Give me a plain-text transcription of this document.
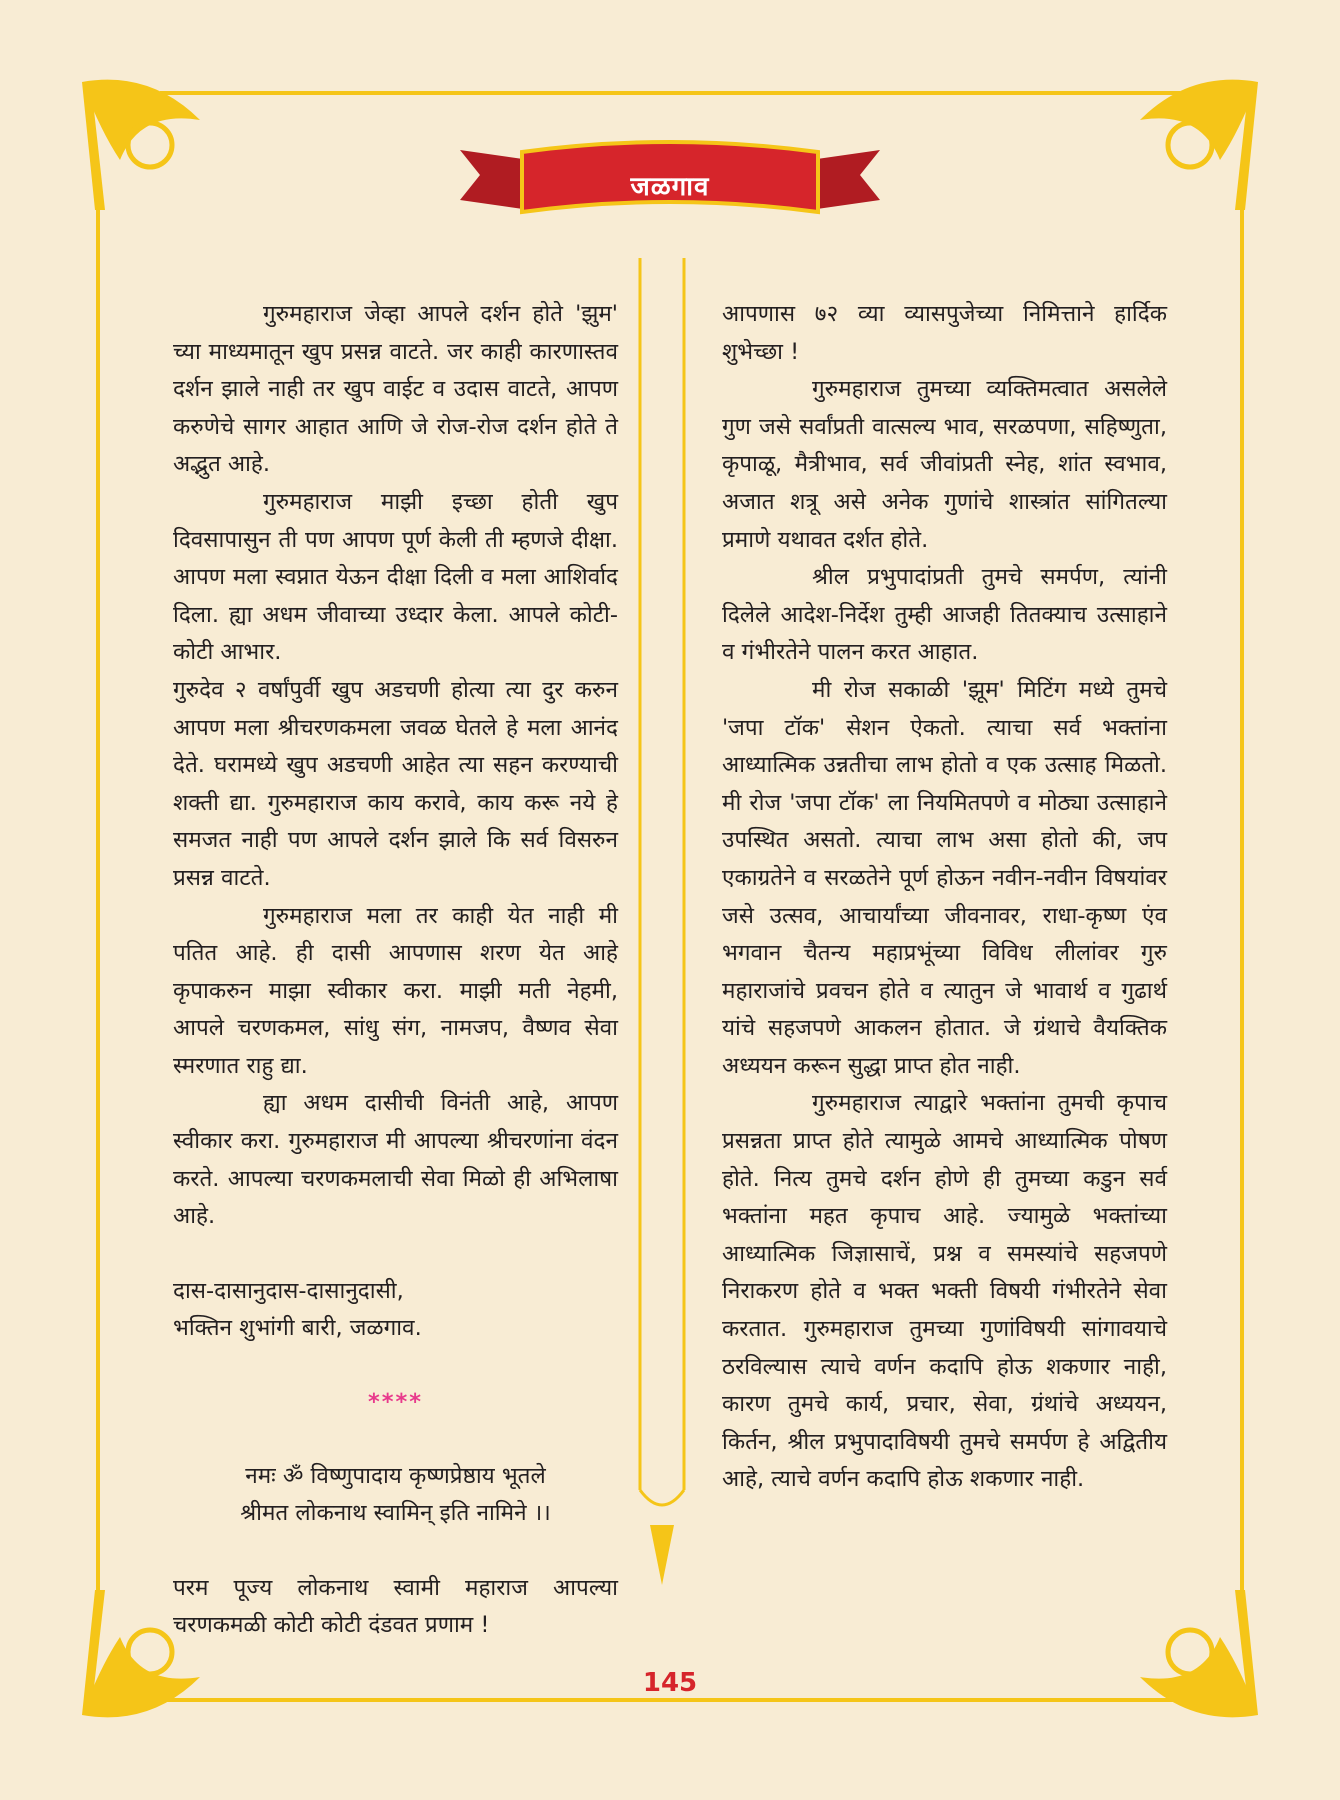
जळगाव

गुरुमहाराज जेव्हा आपले दर्शन होते 'झुम' च्या माध्यमातून खुप प्रसन्न वाटते. जर काही कारणास्तव दर्शन झाले नाही तर खुप वाईट व उदास वाटते, आपण करुणेचे सागर आहात आणि जे रोज-रोज दर्शन होते ते अद्भुत आहे.

गुरुमहाराज माझी इच्छा होती खुप दिवसापासुन ती पण आपण पूर्ण केली ती म्हणजे दीक्षा. आपण मला स्वप्नात येऊन दीक्षा दिली व मला आशिर्वाद दिला. ह्या अधम जीवाच्या उध्दार केला. आपले कोटी-कोटी आभार.

गुरुदेव २ वर्षांपुर्वी खुप अडचणी होत्या त्या दुर करुन आपण मला श्रीचरणकमला जवळ घेतले हे मला आनंद देते. घरामध्ये खुप अडचणी आहेत त्या सहन करण्याची शक्ती द्या. गुरुमहाराज काय करावे, काय करू नये हे समजत नाही पण आपले दर्शन झाले कि सर्व विसरुन प्रसन्न वाटते.

गुरुमहाराज मला तर काही येत नाही मी पतित आहे. ही दासी आपणास शरण येत आहे कृपाकरुन माझा स्वीकार करा. माझी मती नेहमी, आपले चरणकमल, सांधु संग, नामजप, वैष्णव सेवा स्मरणात राहु द्या.

ह्या अधम दासीची विनंती आहे, आपण स्वीकार करा. गुरुमहाराज मी आपल्या श्रीचरणांना वंदन करते. आपल्या चरणकमलाची सेवा मिळो ही अभिलाषा आहे.

दास-दासानुदास-दासानुदासी,

भक्तिन शुभांगी बारी, जळगाव.

****

नमः ॐ विष्णुपादाय कृष्णप्रेष्ठाय भूतले

श्रीमत लोकनाथ स्वामिन् इति नामिने ।।

परम पूज्य लोकनाथ स्वामी महाराज आपल्या चरणकमळी कोटी कोटी दंडवत प्रणाम !

आपणास ७२ व्या व्यासपुजेच्या निमित्ताने हार्दिक शुभेच्छा !

गुरुमहाराज तुमच्या व्यक्तिमत्वात असलेले गुण जसे सर्वांप्रती वात्सल्य भाव, सरळपणा, सहिष्णुता, कृपाळू, मैत्रीभाव, सर्व जीवांप्रती स्नेह, शांत स्वभाव, अजात शत्रू असे अनेक गुणांचे शास्त्रांत सांगितल्या प्रमाणे यथावत दर्शत होते.

श्रील प्रभुपादांप्रती तुमचे समर्पण, त्यांनी दिलेले आदेश-निर्देश तुम्ही आजही तितक्याच उत्साहाने व गंभीरतेने पालन करत आहात.

मी रोज सकाळी 'झूम' मिटिंग मध्ये तुमचे 'जपा टॉक' सेशन ऐकतो. त्याचा सर्व भक्तांना आध्यात्मिक उन्नतीचा लाभ होतो व एक उत्साह मिळतो. मी रोज 'जपा टॉक' ला नियमितपणे व मोठ्या उत्साहाने उपस्थित असतो. त्याचा लाभ असा होतो की, जप एकाग्रतेने व सरळतेने पूर्ण होऊन नवीन-नवीन विषयांवर जसे उत्सव, आचार्यांच्या जीवनावर, राधा-कृष्ण एंव भगवान चैतन्य महाप्रभूंच्या विविध लीलांवर गुरु महाराजांचे प्रवचन होते व त्यातुन जे भावार्थ व गुढार्थ यांचे सहजपणे आकलन होतात. जे ग्रंथाचे वैयक्तिक अध्ययन करून सुद्धा प्राप्त होत नाही.

गुरुमहाराज त्याद्वारे भक्तांना तुमची कृपाच प्रसन्नता प्राप्त होते त्यामुळे आमचे आध्यात्मिक पोषण होते. नित्य तुमचे दर्शन होणे ही तुमच्या कडुन सर्व भक्तांना महत कृपाच आहे. ज्यामुळे भक्तांच्या आध्यात्मिक जिज्ञासाचें, प्रश्न व समस्यांचे सहजपणे निराकरण होते व भक्त भक्ती विषयी गंभीरतेने सेवा करतात. गुरुमहाराज तुमच्या गुणांविषयी सांगावयाचे ठरविल्यास त्याचे वर्णन कदापि होऊ शकणार नाही, कारण तुमचे कार्य, प्रचार, सेवा, ग्रंथांचे अध्ययन, किर्तन, श्रील प्रभुपादाविषयी तुमचे समर्पण हे अद्वितीय आहे, त्याचे वर्णन कदापि होऊ शकणार नाही.

145
